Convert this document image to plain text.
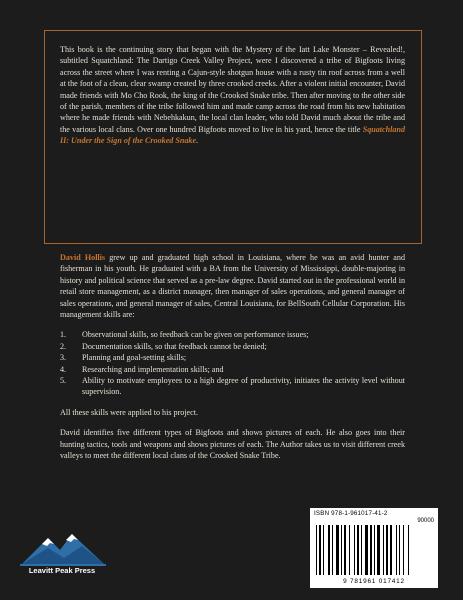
This book is the continuing story that began with the Mystery of the Iatt Lake Monster – Revealed!, subtitled Squatchland: The Dartigo Creek Valley Project, were I discovered a tribe of Bigfoots living across the street where I was renting a Cajun-style shotgun house with a rusty tin roof across from a well at the foot of a clean, clear swamp created by three crooked creeks. After a violent initial encounter, David made friends with Mo Cho Rook, the king of the Crooked Snake tribe. Then after moving to the other side of the parish, members of the tribe followed him and made camp across the road from his new habitation where he made friends with Nebehkakun, the local clan leader, who told David much about the tribe and the various local clans. Over one hundred Bigfoots moved to live in his yard, hence the title Squatchland II: Under the Sign of the Crooked Snake.

David Hollis grew up and graduated high school in Louisiana, where he was an avid hunter and fisherman in his youth. He graduated with a BA from the University of Mississippi, double-majoring in history and political science that served as a pre-law degree. David started out in the professional world in retail store management, as a district manager, then manager of sales operations, and general manager of sales operations, and general manager of sales, Central Louisiana, for BellSouth Cellular Corporation. His management skills are:

1. Observational skills, so feedback can be given on performance issues;
2. Documentation skills, so that feedback cannot be denied;
3. Planning and goal-setting skills;
4. Researching and implementation skills; and
5. Ability to motivate employees to a high degree of productivity, initiates the activity level without supervision.

All these skills were applied to his project.

David identifies five different types of Bigfoots and shows pictures of each. He also goes into their hunting tactics, tools and weapons and shows pictures of each. The Author takes us to visit different creek valleys to meet the different local clans of the Crooked Snake Tribe.

Leavitt Peak Press
ISBN 978-1-961017-41-2
90000
9 781961 017412
